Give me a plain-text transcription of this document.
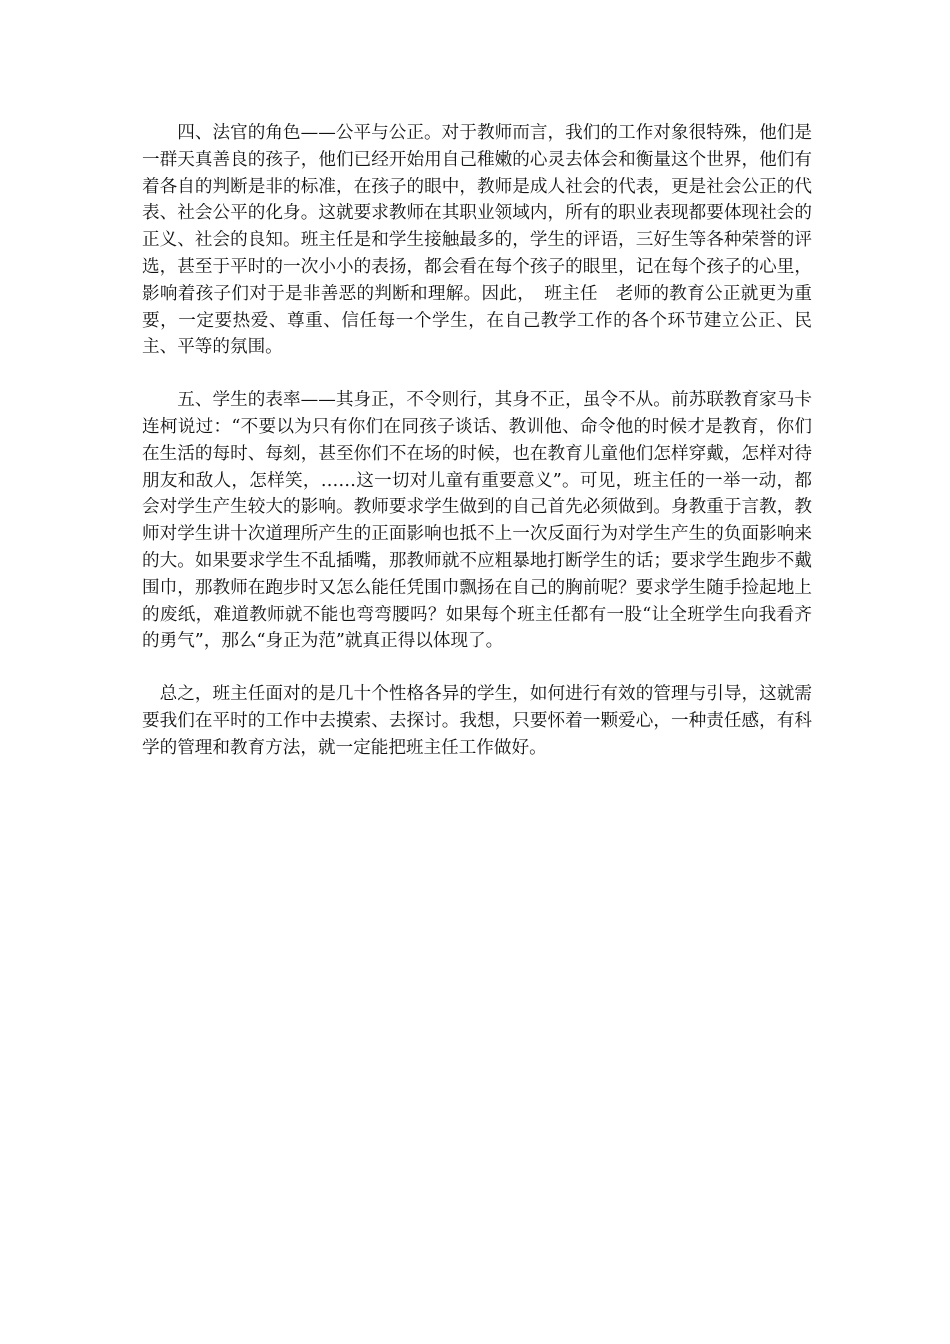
四、法官的角色——公平与公正。对于教师而言，我们的工作对象很特殊，他们是一群天真善良的孩子，他们已经开始用自己稚嫩的心灵去体会和衡量这个世界，他们有着各自的判断是非的标准，在孩子的眼中，教师是成人社会的代表，更是社会公正的代表、社会公平的化身。这就要求教师在其职业领域内，所有的职业表现都要体现社会的正义、社会的良知。班主任是和学生接触最多的，学生的评语，三好生等各种荣誉的评选，甚至于平时的一次小小的表扬，都会看在每个孩子的眼里，记在每个孩子的心里，影响着孩子们对于是非善恶的判断和理解。因此，　班主任　老师的教育公正就更为重要，一定要热爱、尊重、信任每一个学生，在自己教学工作的各个环节建立公正、民主、平等的氛围。

五、学生的表率——其身正，不令则行，其身不正，虽令不从。前苏联教育家马卡连柯说过：“不要以为只有你们在同孩子谈话、教训他、命令他的时候才是教育，你们在生活的每时、每刻，甚至你们不在场的时候，也在教育儿童他们怎样穿戴，怎样对待朋友和敌人，怎样笑，……这一切对儿童有重要意义”。可见，班主任的一举一动，都会对学生产生较大的影响。教师要求学生做到的自己首先必须做到。身教重于言教，教师对学生讲十次道理所产生的正面影响也抵不上一次反面行为对学生产生的负面影响来的大。如果要求学生不乱插嘴，那教师就不应粗暴地打断学生的话；要求学生跑步不戴围巾，那教师在跑步时又怎么能任凭围巾飘扬在自己的胸前呢？要求学生随手捡起地上的废纸，难道教师就不能也弯弯腰吗？如果每个班主任都有一股“让全班学生向我看齐的勇气”，那么“身正为范”就真正得以体现了。

总之，班主任面对的是几十个性格各异的学生，如何进行有效的管理与引导，这就需要我们在平时的工作中去摸索、去探讨。我想，只要怀着一颗爱心，一种责任感，有科学的管理和教育方法，就一定能把班主任工作做好。
